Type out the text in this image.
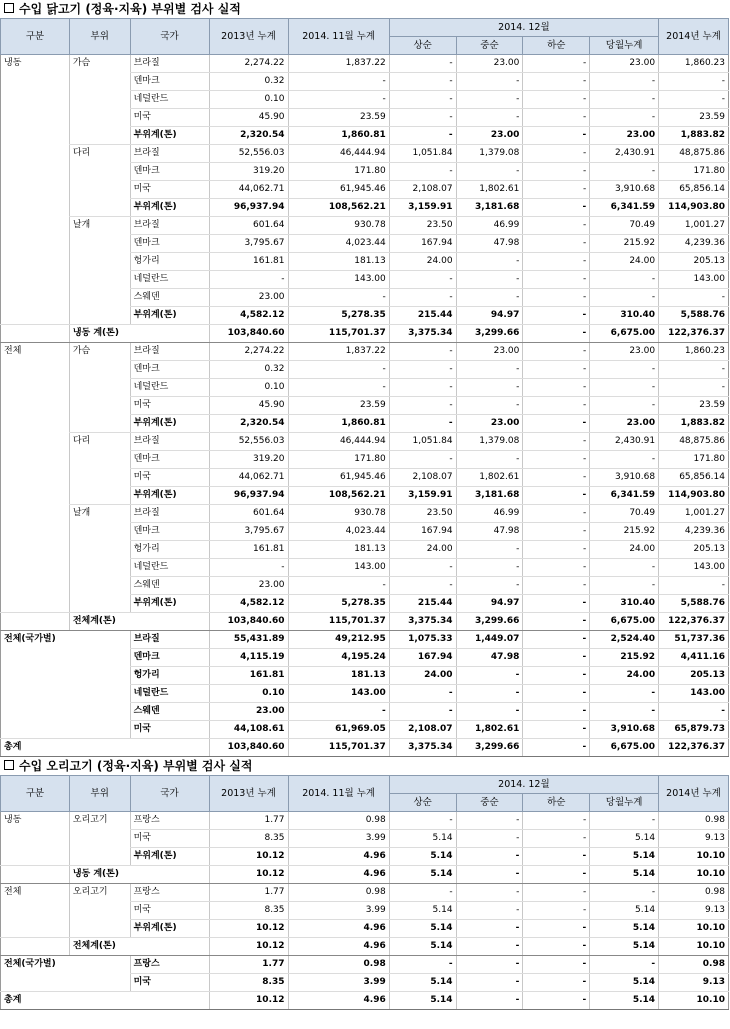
수입 닭고기 (정육·지육) 부위별 검사 실적
구분	부위	국가	2013년 누계	2014. 11월 누계	2014. 12월				2014년 누계
					상순	중순	하순	당월누계	
냉동	가슴	브라질	2,274.22	1,837.22	-	23.00	-	23.00	1,860.23
		덴마크	0.32	-	-	-	-	-	-
		네덜란드	0.10	-	-	-	-	-	-
		미국	45.90	23.59	-	-	-	-	23.59
		부위계(톤)	2,320.54	1,860.81	-	23.00	-	23.00	1,883.82
	다리	브라질	52,556.03	46,444.94	1,051.84	1,379.08	-	2,430.91	48,875.86
		덴마크	319.20	171.80	-	-	-	-	171.80
		미국	44,062.71	61,945.46	2,108.07	1,802.61	-	3,910.68	65,856.14
		부위계(톤)	96,937.94	108,562.21	3,159.91	3,181.68	-	6,341.59	114,903.80
	날개	브라질	601.64	930.78	23.50	46.99	-	70.49	1,001.27
		덴마크	3,795.67	4,023.44	167.94	47.98	-	215.92	4,239.36
		헝가리	161.81	181.13	24.00	-	-	24.00	205.13
		네덜란드	-	143.00	-	-	-	-	143.00
		스웨덴	23.00	-	-	-	-	-	-
		부위계(톤)	4,582.12	5,278.35	215.44	94.97	-	310.40	5,588.76
	냉동 계(톤)		103,840.60	115,701.37	3,375.34	3,299.66	-	6,675.00	122,376.37
전체	가슴	브라질	2,274.22	1,837.22	-	23.00	-	23.00	1,860.23
		덴마크	0.32	-	-	-	-	-	-
		네덜란드	0.10	-	-	-	-	-	-
		미국	45.90	23.59	-	-	-	-	23.59
		부위계(톤)	2,320.54	1,860.81	-	23.00	-	23.00	1,883.82
	다리	브라질	52,556.03	46,444.94	1,051.84	1,379.08	-	2,430.91	48,875.86
		덴마크	319.20	171.80	-	-	-	-	171.80
		미국	44,062.71	61,945.46	2,108.07	1,802.61	-	3,910.68	65,856.14
		부위계(톤)	96,937.94	108,562.21	3,159.91	3,181.68	-	6,341.59	114,903.80
	날개	브라질	601.64	930.78	23.50	46.99	-	70.49	1,001.27
		덴마크	3,795.67	4,023.44	167.94	47.98	-	215.92	4,239.36
		헝가리	161.81	181.13	24.00	-	-	24.00	205.13
		네덜란드	-	143.00	-	-	-	-	143.00
		스웨덴	23.00	-	-	-	-	-	-
		부위계(톤)	4,582.12	5,278.35	215.44	94.97	-	310.40	5,588.76
	전체계(톤)		103,840.60	115,701.37	3,375.34	3,299.66	-	6,675.00	122,376.37
전체(국가별)		브라질	55,431.89	49,212.95	1,075.33	1,449.07	-	2,524.40	51,737.36
		덴마크	4,115.19	4,195.24	167.94	47.98	-	215.92	4,411.16
		헝가리	161.81	181.13	24.00	-	-	24.00	205.13
		네덜란드	0.10	143.00	-	-	-	-	143.00
		스웨덴	23.00	-	-	-	-	-	-
		미국	44,108.61	61,969.05	2,108.07	1,802.61	-	3,910.68	65,879.73
총계			103,840.60	115,701.37	3,375.34	3,299.66	-	6,675.00	122,376.37
수입 오리고기 (정육·지육) 부위별 검사 실적
구분	부위	국가	2013년 누계	2014. 11월 누계	2014. 12월				2014년 누계
					상순	중순	하순	당월누계	
냉동	오리고기	프랑스	1.77	0.98	-	-	-	-	0.98
		미국	8.35	3.99	5.14	-	-	5.14	9.13
		부위계(톤)	10.12	4.96	5.14	-	-	5.14	10.10
	냉동 계(톤)		10.12	4.96	5.14	-	-	5.14	10.10
전체	오리고기	프랑스	1.77	0.98	-	-	-	-	0.98
		미국	8.35	3.99	5.14	-	-	5.14	9.13
		부위계(톤)	10.12	4.96	5.14	-	-	5.14	10.10
	전체계(톤)		10.12	4.96	5.14	-	-	5.14	10.10
전체(국가별)		프랑스	1.77	0.98	-	-	-	-	0.98
		미국	8.35	3.99	5.14	-	-	5.14	9.13
총계			10.12	4.96	5.14	-	-	5.14	10.10
